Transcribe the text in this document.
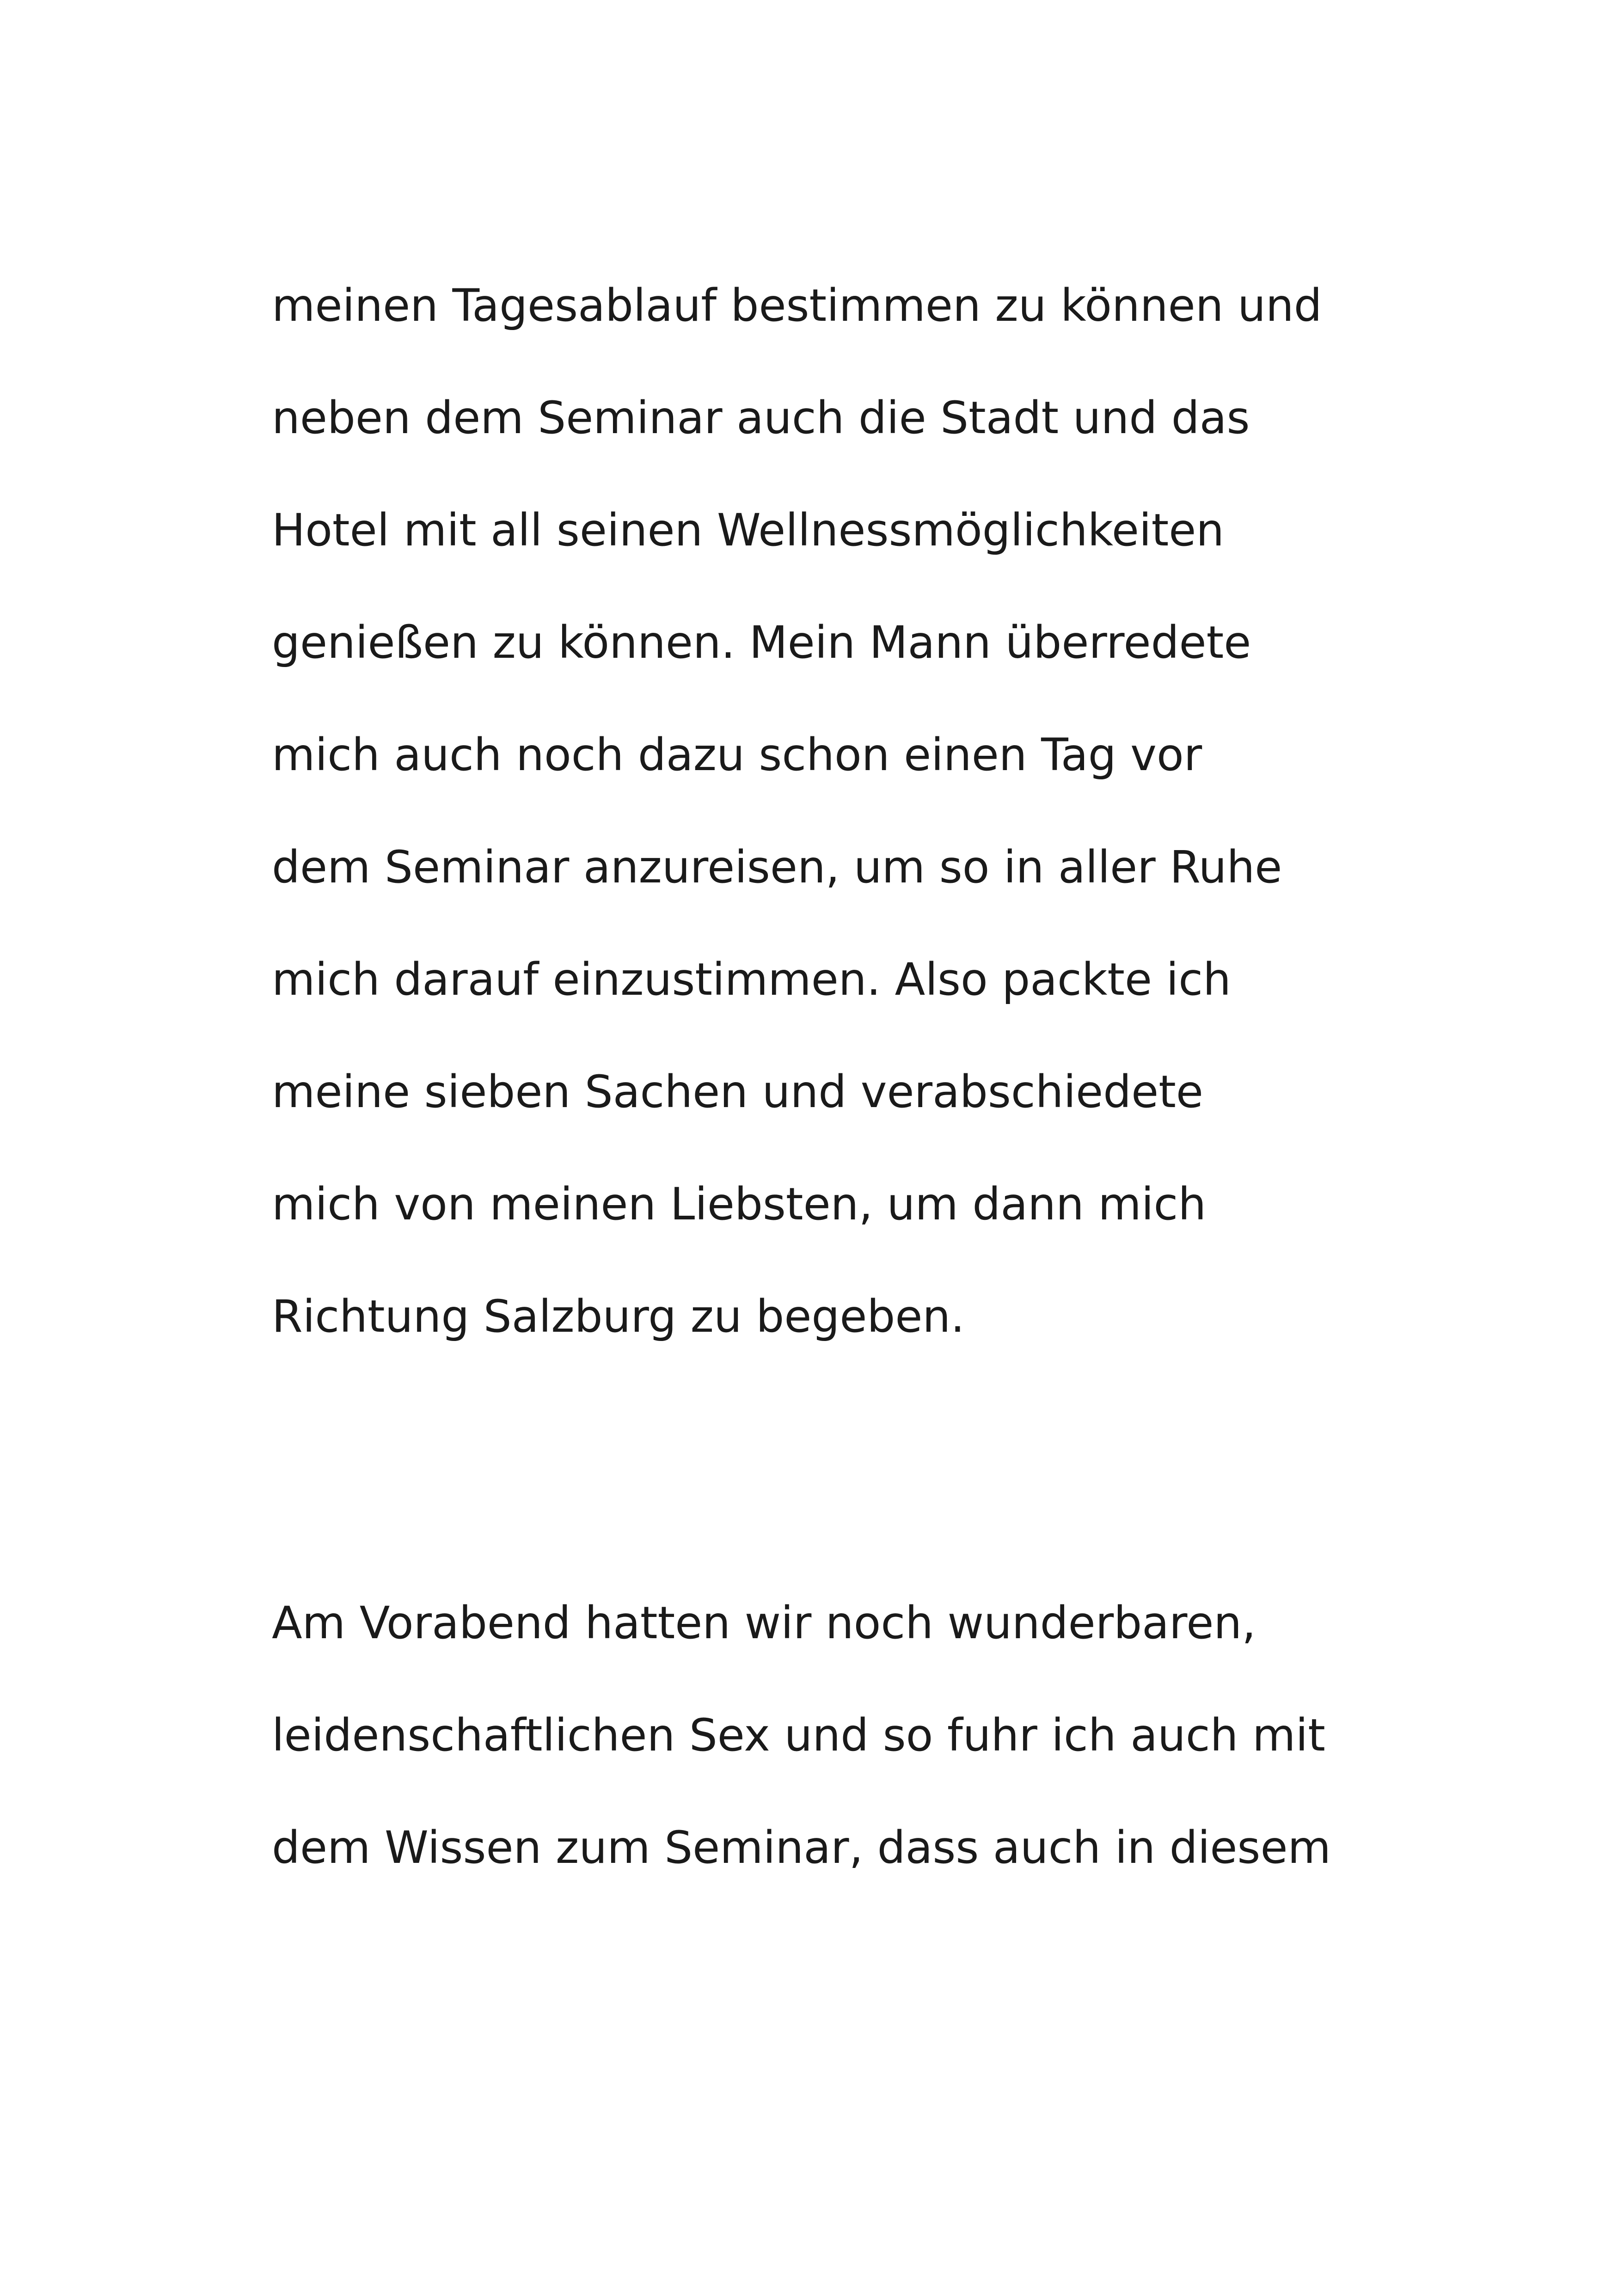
meinen Tagesablauf bestimmen zu können und
neben dem Seminar auch die Stadt und das
Hotel mit all seinen Wellnessmöglichkeiten
genießen zu können. Mein Mann überredete
mich auch noch dazu schon einen Tag vor
dem Seminar anzureisen, um so in aller Ruhe
mich darauf einzustimmen. Also packte ich
meine sieben Sachen und verabschiedete
mich von meinen Liebsten, um dann mich
Richtung Salzburg zu begeben.
Am Vorabend hatten wir noch wunderbaren,
leidenschaftlichen Sex und so fuhr ich auch mit
dem Wissen zum Seminar, dass auch in diesem
